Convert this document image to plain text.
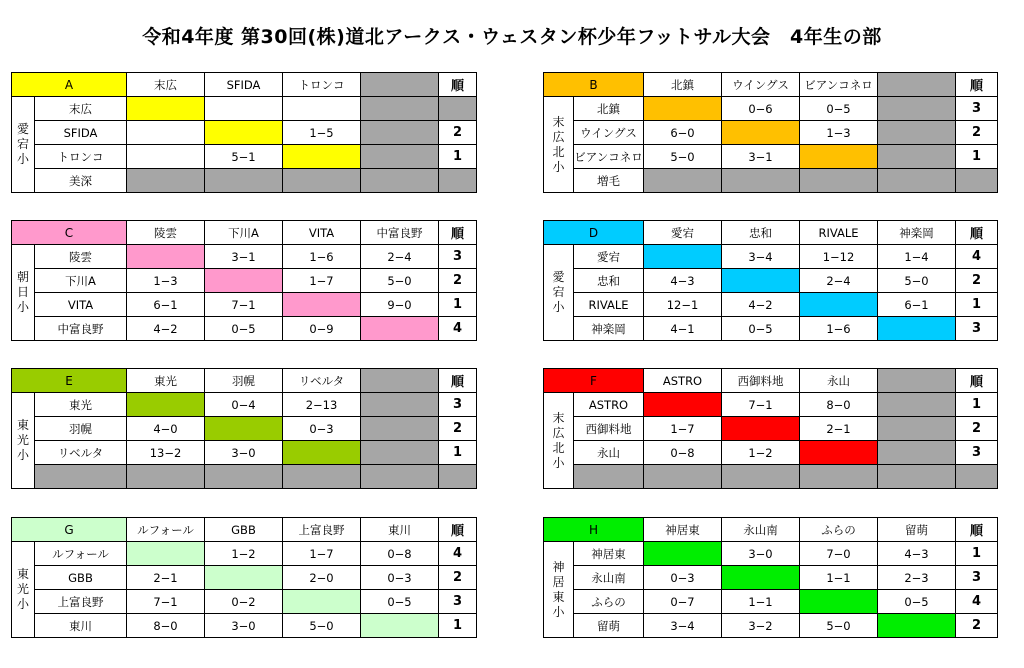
令和4年度 第30回(株)道北アークス・ウェスタン杯少年フットサル大会　4年生の部
A		末広	SFIDA	トロンコ		順
愛
宕
小	末広					
	SFIDA			1−5		2
	トロンコ		5−1			1
	美深					
B		北鎮	ウイングス	ビアンコネロ		順
末
広
北
小	北鎮		0−6	0−5		3
	ウイングス	6−0		1−3		2
	ビアンコネロ	5−0	3−1			1
	増毛					
C		陵雲	下川A	VITA	中富良野	順
朝
日
小	陵雲		3−1	1−6	2−4	3
	下川A	1−3		1−7	5−0	2
	VITA	6−1	7−1		9−0	1
	中富良野	4−2	0−5	0−9		4
D		愛宕	忠和	RIVALE	神楽岡	順
愛
宕
小	愛宕		3−4	1−12	1−4	4
	忠和	4−3		2−4	5−0	2
	RIVALE	12−1	4−2		6−1	1
	神楽岡	4−1	0−5	1−6		3
E		東光	羽幌	リベルタ		順
東
光
小	東光		0−4	2−13		3
	羽幌	4−0		0−3		2
	リベルタ	13−2	3−0			1

F		ASTRO	西御料地	永山		順
末
広
北
小	ASTRO		7−1	8−0		1
	西御料地	1−7		2−1		2
	永山	0−8	1−2			3

G		ルフォール	GBB	上富良野	東川	順
東
光
小	ルフォール		1−2	1−7	0−8	4
	GBB	2−1		2−0	0−3	2
	上富良野	7−1	0−2		0−5	3
	東川	8−0	3−0	5−0		1
H		神居東	永山南	ふらの	留萌	順
神
居
東
小	神居東		3−0	7−0	4−3	1
	永山南	0−3		1−1	2−3	3
	ふらの	0−7	1−1		0−5	4
	留萌	3−4	3−2	5−0		2
